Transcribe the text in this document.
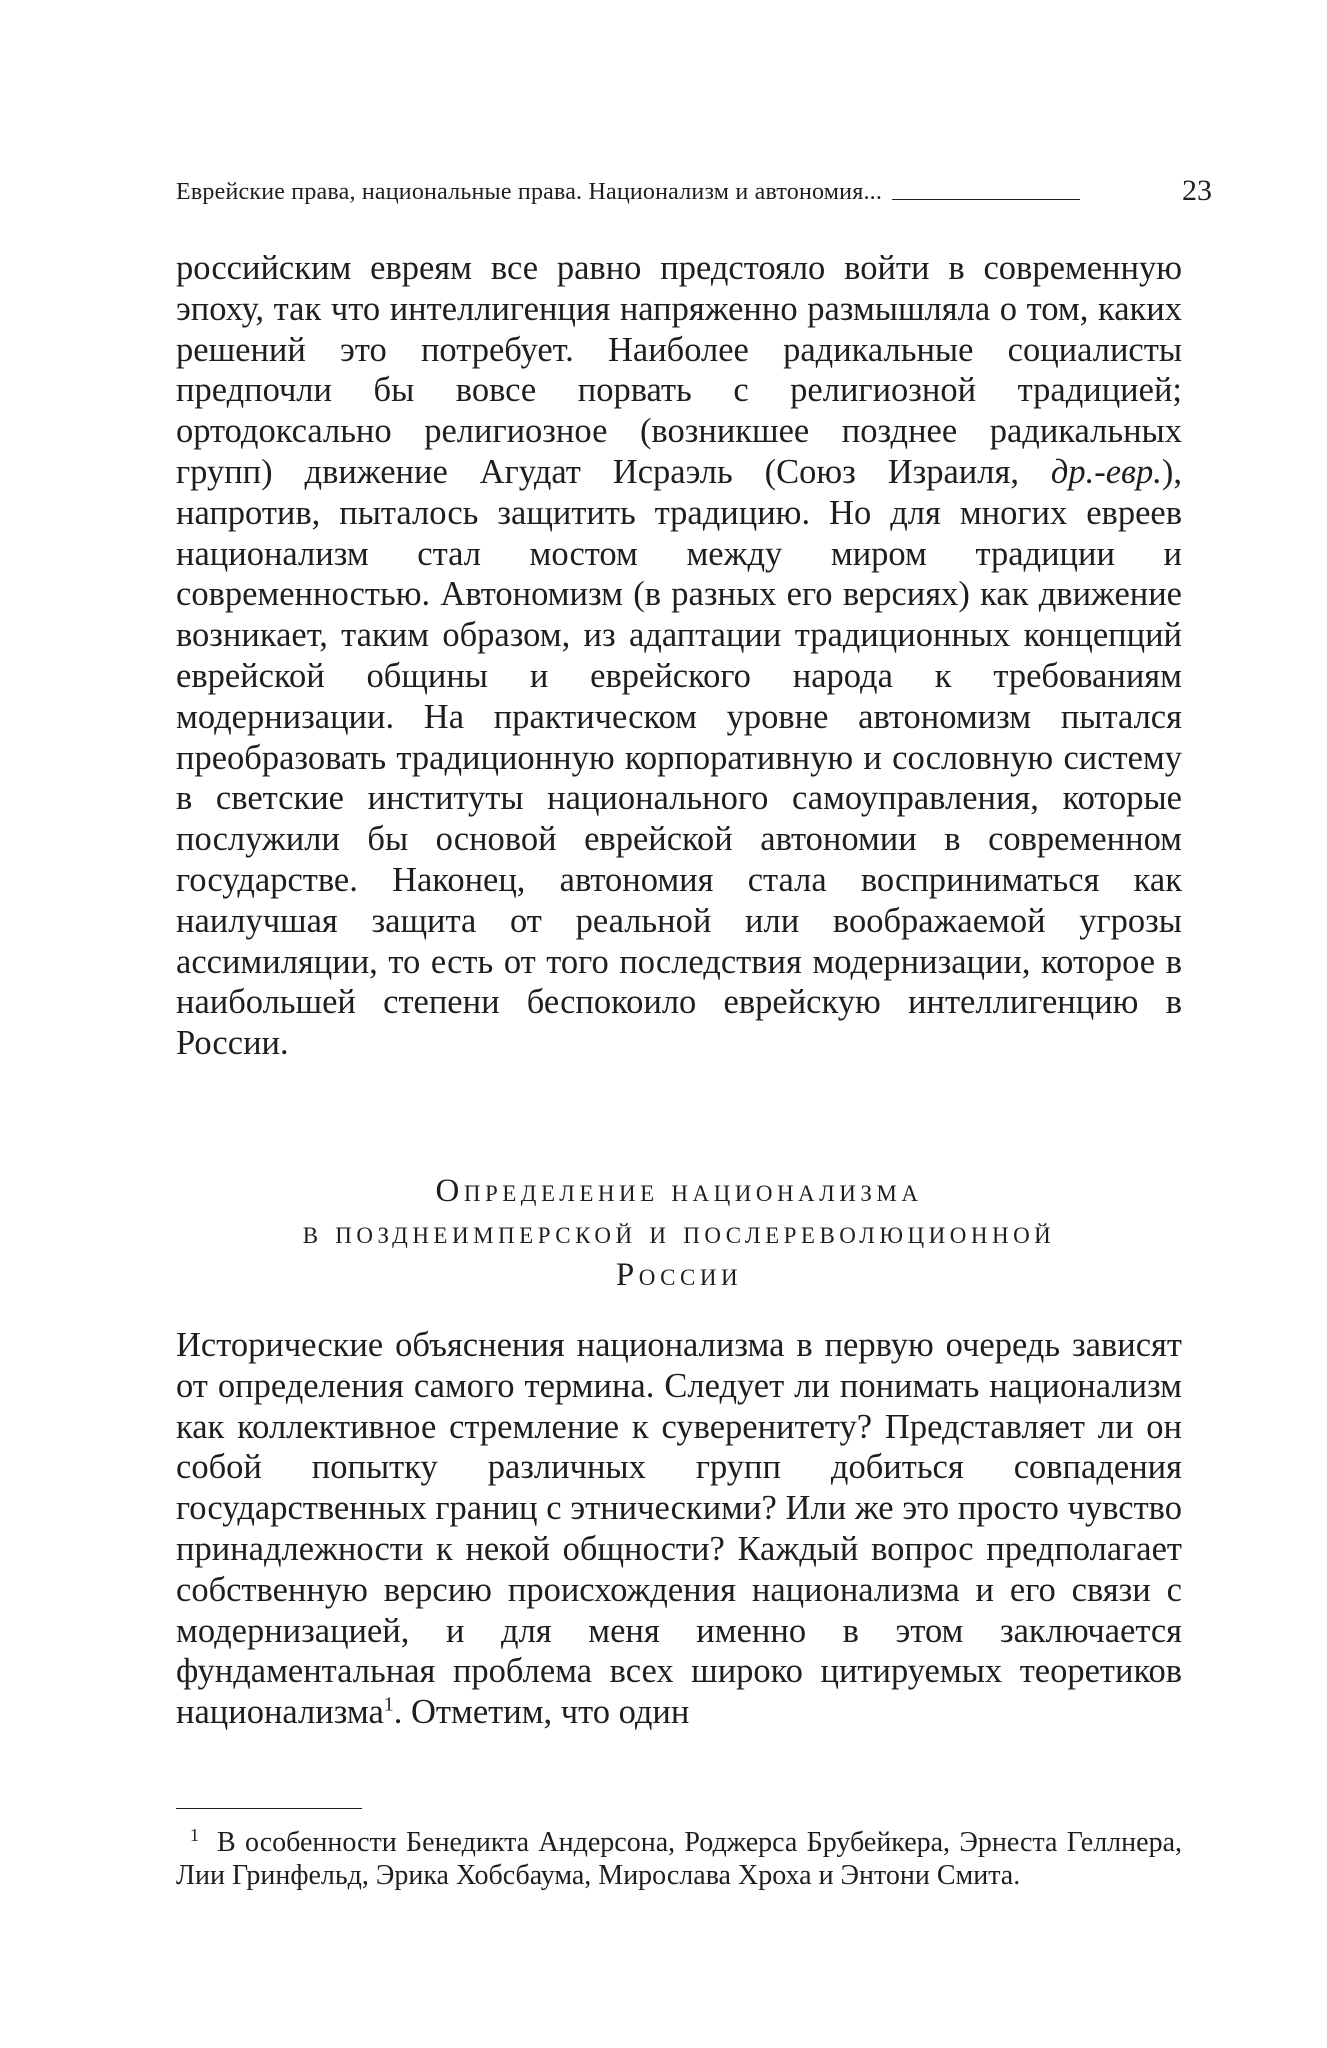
Еврейские права, национальные права. Национализм и автономия...	23

российским евреям все равно предстояло войти в современную эпоху, так что интеллигенция напряженно размышляла о том, каких решений это потребует. Наиболее радикальные социалисты предпочли бы вовсе порвать с религиозной традицией; ортодоксально религиозное (возникшее позднее радикальных групп) движение Агудат Исраэль (Союз Израиля, др.-евр.), напротив, пыталось защитить традицию. Но для многих евреев национализм стал мостом между миром традиции и современностью. Автономизм (в разных его версиях) как движение возникает, таким образом, из адаптации традиционных концепций еврейской общины и еврейского народа к требованиям модернизации. На практическом уровне автономизм пытался преобразовать традиционную корпоративную и сословную систему в светские институты национального самоуправления, которые послужили бы основой еврейской автономии в современном государстве. Наконец, автономия стала восприниматься как наилучшая защита от реальной или воображаемой угрозы ассимиляции, то есть от того последствия модернизации, которое в наибольшей степени беспокоило еврейскую интеллигенцию в России.

Определение национализма
в позднеимперской и послереволюционной
России

Исторические объяснения национализма в первую очередь зависят от определения самого термина. Следует ли понимать национализм как коллективное стремление к суверенитету? Представляет ли он собой попытку различных групп добиться совпадения государственных границ с этническими? Или же это просто чувство принадлежности к некой общности? Каждый вопрос предполагает собственную версию происхождения национализма и его связи с модернизацией, и для меня именно в этом заключается фундаментальная проблема всех широко цитируемых теоретиков национализма$^1$. Отметим, что один

$^1$ В особенности Бенедикта Андерсона, Роджерса Брубейкера, Эрнеста Геллнера, Лии Гринфельд, Эрика Хобсбаума, Мирослава Хроха и Энтони Смита.
